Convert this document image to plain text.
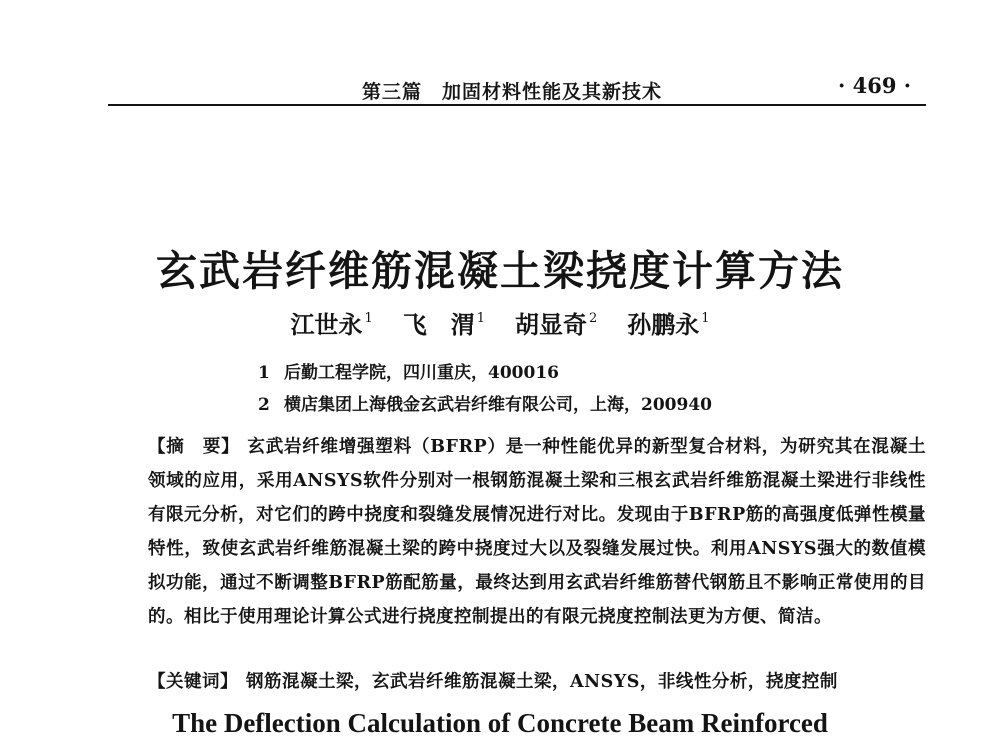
第三篇　加固材料性能及其新技术	· 469 ·
玄武岩纤维筋混凝土梁挠度计算方法
江世永 $^1$ 飞　渭 $^1$ 胡显奇 $^2$ 孙鹏永 $^1$
1 后勤工程学院，四川重庆，400016
2 横店集团上海俄金玄武岩纤维有限公司，上海，200940
【摘　要】 玄武岩纤维增强塑料（BFRP）是一种性能优异的新型复合材料，为研究其在混凝土领域的应用，采用ANSYS软件分别对一根钢筋混凝土梁和三根玄武岩纤维筋混凝土梁进行非线性有限元分析，对它们的跨中挠度和裂缝发展情况进行对比。发现由于BFRP筋的高强度低弹性模量特性，致使玄武岩纤维筋混凝土梁的跨中挠度过大以及裂缝发展过快。利用ANSYS强大的数值模拟功能，通过不断调整BFRP筋配筋量，最终达到用玄武岩纤维筋替代钢筋且不影响正常使用的目的。相比于使用理论计算公式进行挠度控制提出的有限元挠度控制法更为方便、简洁。
【关键词】 钢筋混凝土梁，玄武岩纤维筋混凝土梁，ANSYS，非线性分析，挠度控制
The Deflection Calculation of Concrete Beam Reinforced
